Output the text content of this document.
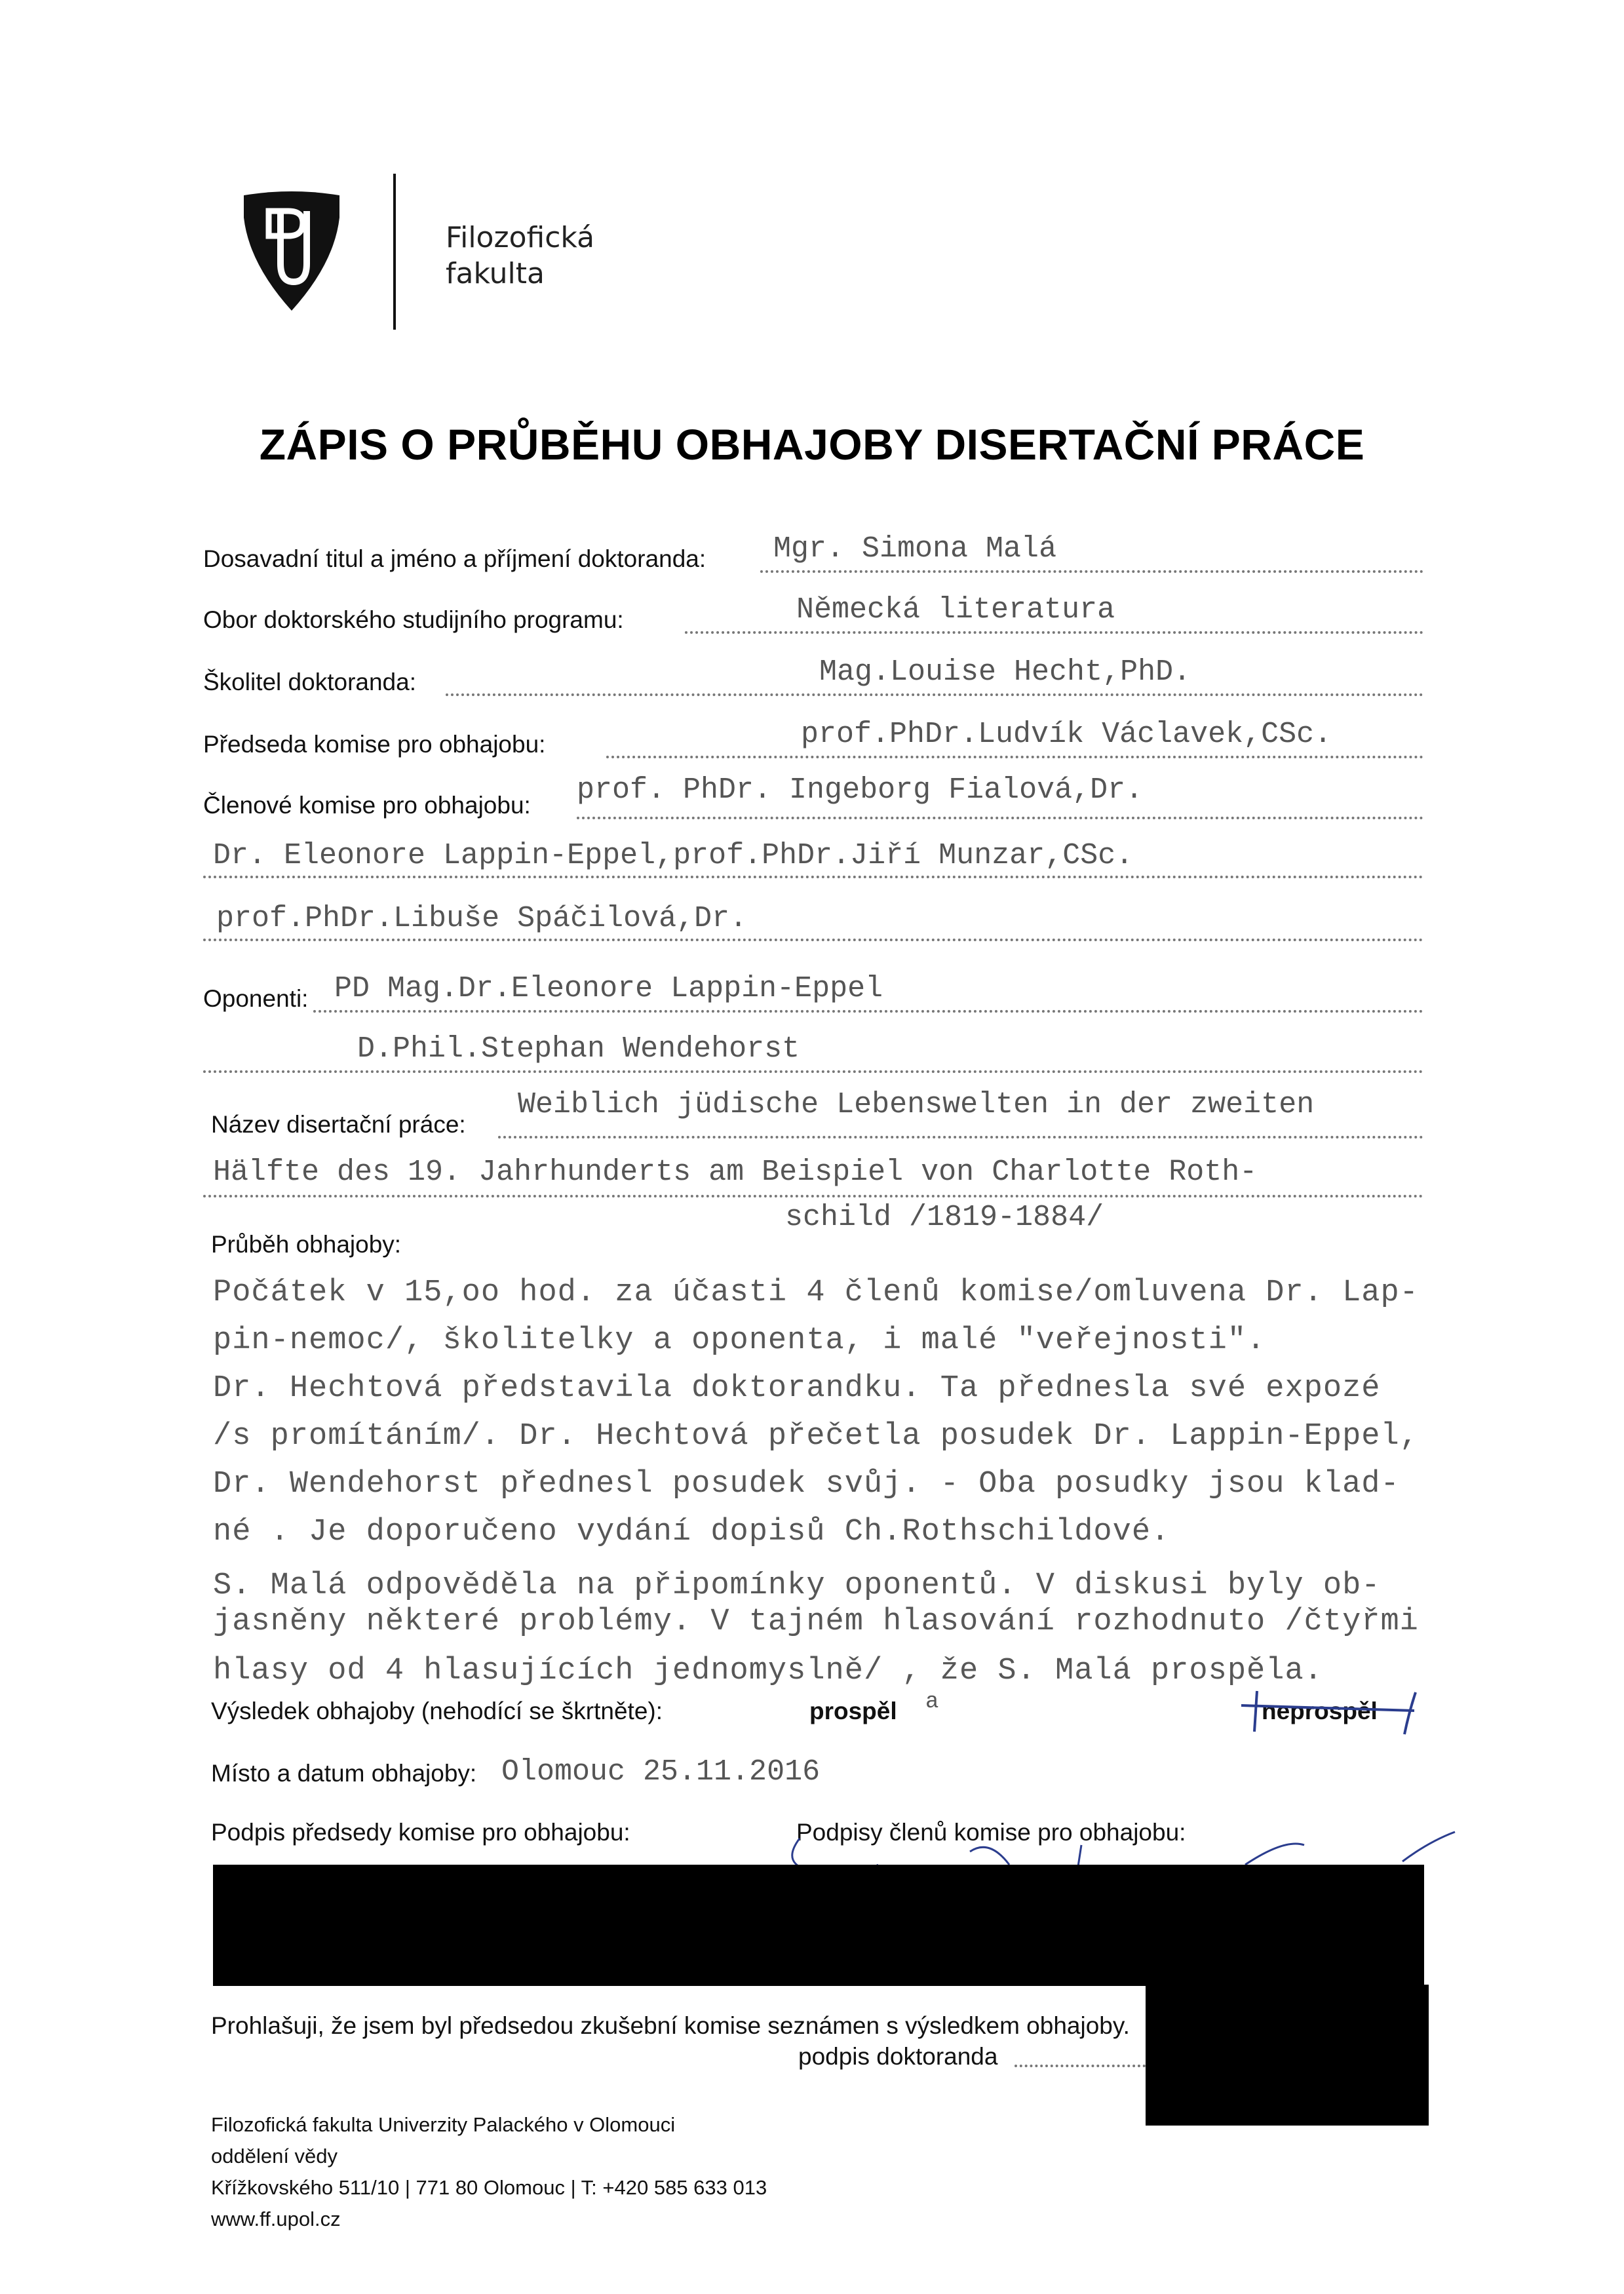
Filozofická
fakulta
ZÁPIS O PRŮBĚHU OBHAJOBY DISERTAČNÍ PRÁCE
Dosavadní titul a jméno a příjmení doktoranda: Mgr. Simona Malá
Obor doktorského studijního programu:	Německá literatura
Školitel doktoranda:	Mag.Louise Hecht,PhD.
Předseda komise pro obhajobu:	prof.PhDr.Ludvík Václavek,CSc.
Členové komise pro obhajobu: prof. PhDr. Ingeborg Fialová,Dr.
Dr. Eleonore Lappin-Eppel,prof.PhDr.Jiří Munzar,CSc.
prof.PhDr.Libuše Spáčilová,Dr.
Oponenti: PD Mag.Dr.Eleonore Lappin-Eppel
D.Phil.Stephan Wendehorst
Název disertační práce:
Weiblich jüdische Lebenswelten in der zweiten
Hälfte des 19. Jahrhunderts am Beispiel von Charlotte Roth-
schild /1819-1884/
Průběh obhajoby:
Počátek v 15,oo hod. za účasti 4 členů komise/omluvena Dr. Lap-
pin-nemoc/, školitelky a oponenta, i malé "veřejnosti".
Dr. Hechtová představila doktorandku. Ta přednesla své expozé
/s promítáním/. Dr. Hechtová přečetla posudek Dr. Lappin-Eppel,
Dr. Wendehorst přednesl posudek svůj. - Oba posudky jsou klad-
né . Je doporučeno vydání dopisů Ch.Rothschildové.
S. Malá odpověděla na připomínky oponentů. V diskusi byly ob-
jasněny některé problémy. V tajném hlasování rozhodnuto /čtyřmi
hlasy od 4 hlasujících jednomyslně/ , že S. Malá prospěla.
Výsledek obhajoby (nehodící se škrtněte):	prospěl a	neprospěl
Místo a datum obhajoby: Olomouc 25.11.2016
Podpis předsedy komise pro obhajobu:	Podpisy členů komise pro obhajobu:
Prohlašuji, že jsem byl předsedou zkušební komise seznámen s výsledkem obhajoby.
podpis doktoranda
Filozofická fakulta Univerzity Palackého v Olomouci
oddělení vědy
Křížkovského 511/10 | 771 80 Olomouc | T: +420 585 633 013
www.ff.upol.cz
